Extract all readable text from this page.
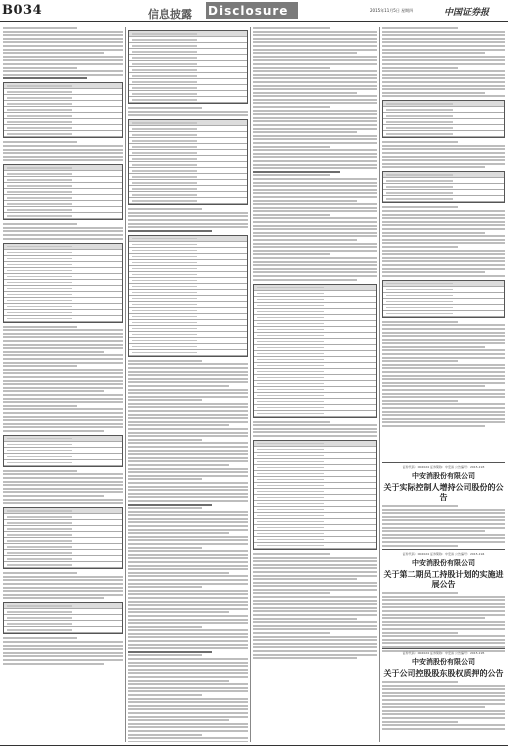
B034	信息披露 Disclosure	2015年11月5日 星期四	中国证券报
证券代码：002024 证券简称：中安消 公告编号：2015-193
中安消股份有限公司
关于实际控制人增持公司股份的公告
证券代码：002024 证券简称：中安消 公告编号：2015-194
中安消股份有限公司
关于第二期员工持股计划的实施进展公告
证券代码：002024 证券简称：中安消 公告编号：2015-195
中安消股份有限公司
关于公司控股股东股权质押的公告
